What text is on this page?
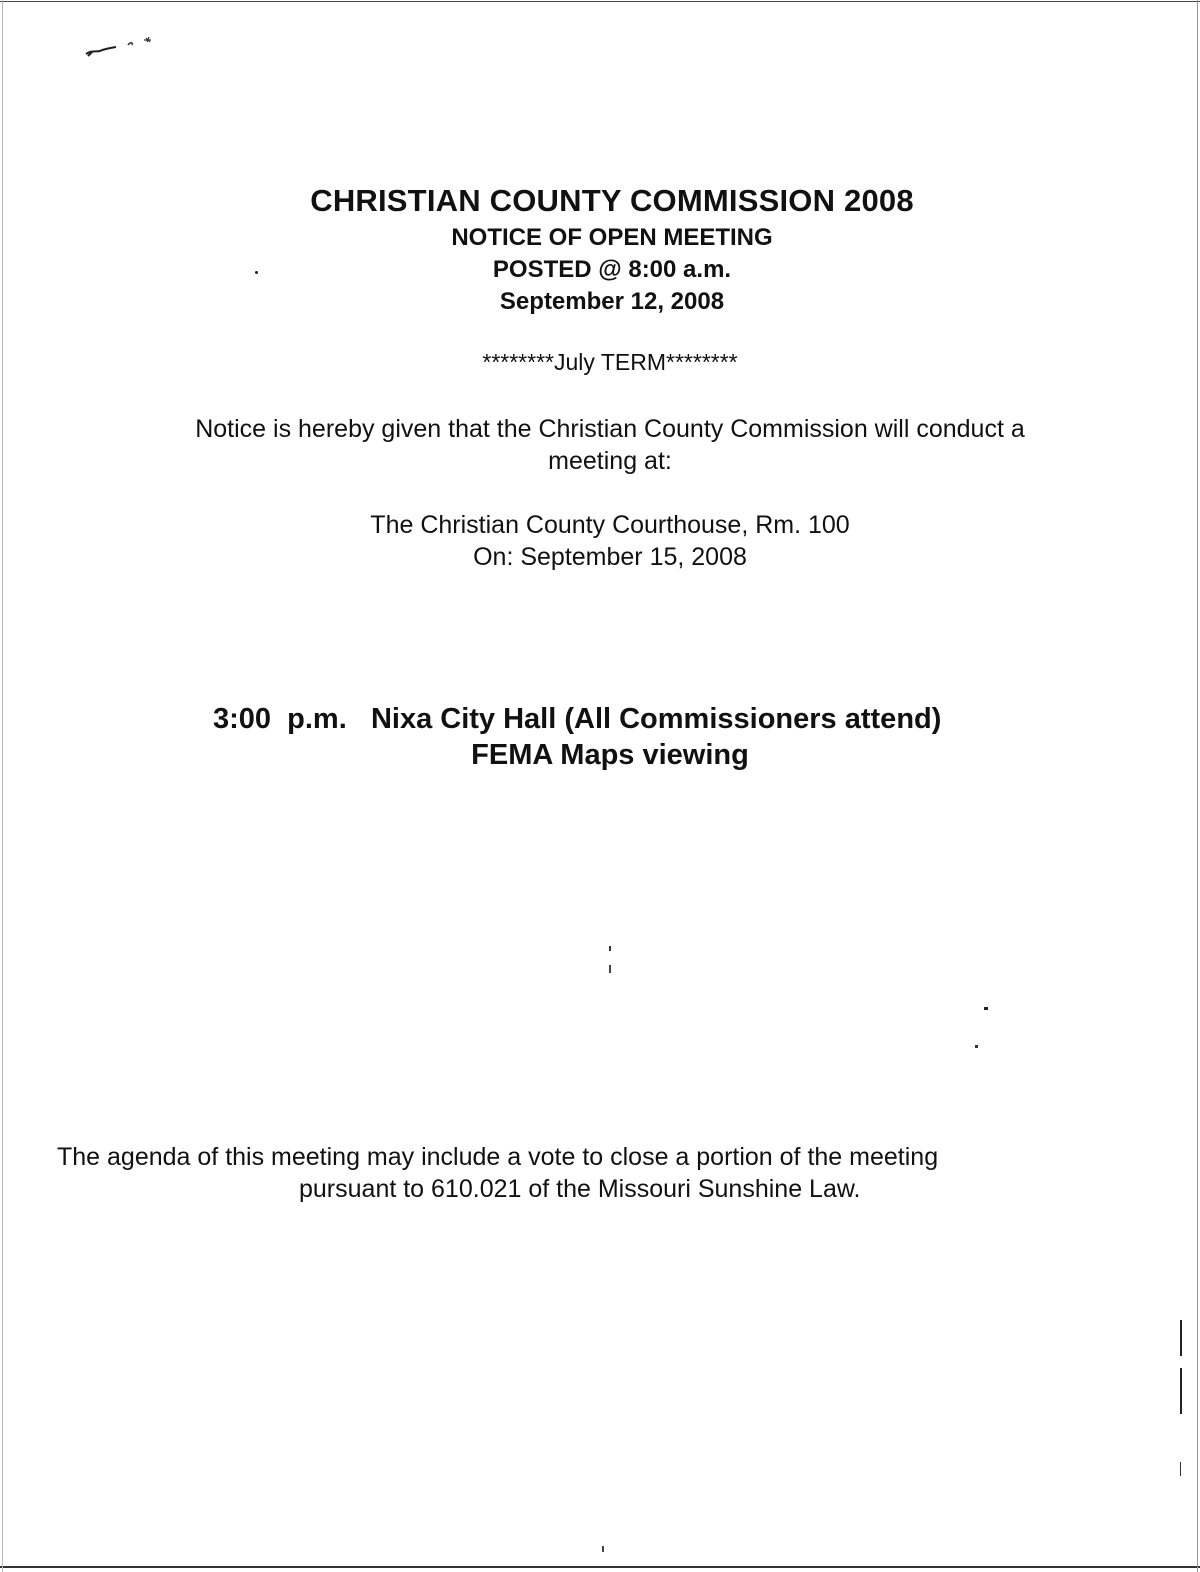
CHRISTIAN COUNTY COMMISSION 2008
NOTICE OF OPEN MEETING
POSTED @ 8:00 a.m.
September 12, 2008
********July TERM********
Notice is hereby given that the Christian County Commission will conduct a
meeting at:
The Christian County Courthouse, Rm. 100
On: September 15, 2008
3:00  p.m.   Nixa City Hall (All Commissioners attend)
FEMA Maps viewing
The agenda of this meeting may include a vote to close a portion of the meeting
pursuant to 610.021 of the Missouri Sunshine Law.
